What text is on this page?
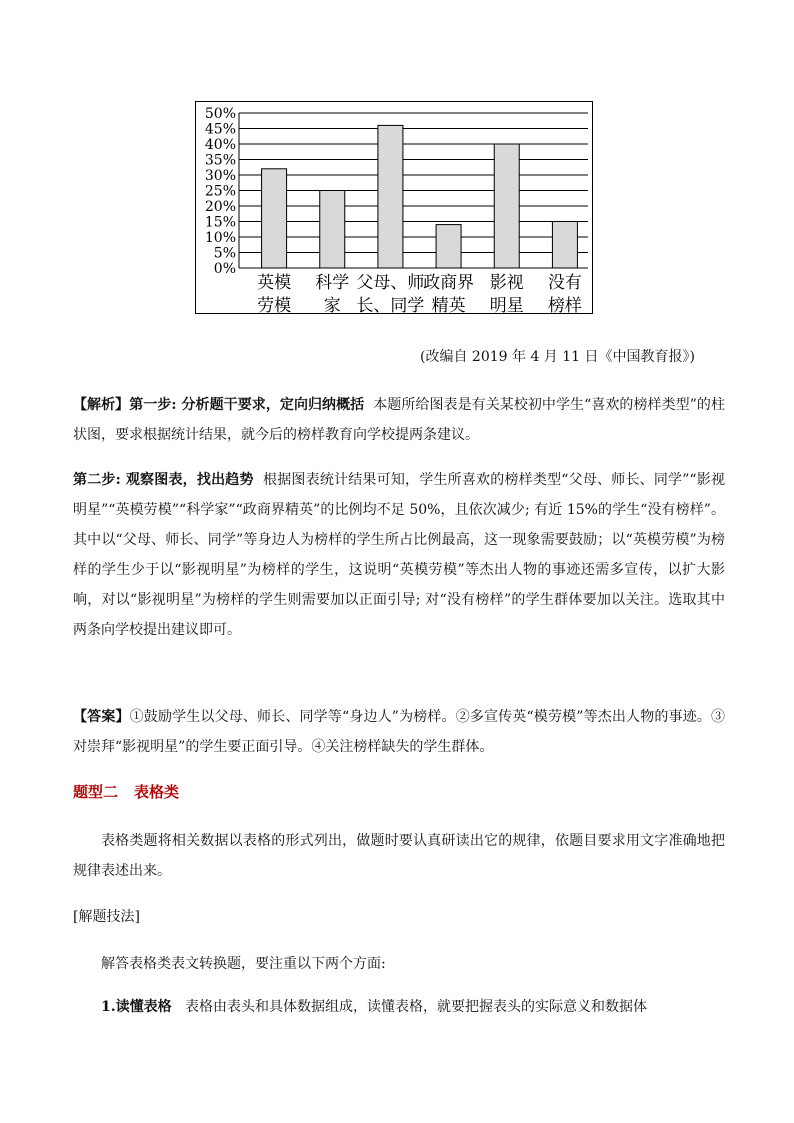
0%
5%
10%
15%
20%
25%
30%
35%
40%
45%
50%
英模
劳模
科学
家
父母、师
长、同学
政商界
精英
影视
明星
没有
榜样
(改编自 2019 年 4 月 11 日《中国教育报》)

【解析】第一步: 分析题干要求，定向归纳概括 本题所给图表是有关某校初中学生“喜欢的榜样类型”的柱状图，要求根据统计结果，就今后的榜样教育向学校提两条建议。

第二步: 观察图表，找出趋势 根据图表统计结果可知，学生所喜欢的榜样类型“父母、师长、同学”“影视明星”“英模劳模”“科学家”“政商界精英”的比例均不足 50%，且依次减少; 有近 15%的学生“没有榜样”。其中以“父母、师长、同学”等身边人为榜样的学生所占比例最高，这一现象需要鼓励；以“英模劳模”为榜样的学生少于以“影视明星”为榜样的学生，这说明“英模劳模”等杰出人物的事迹还需多宣传，以扩大影响，对以“影视明星”为榜样的学生则需要加以正面引导; 对“没有榜样”的学生群体要加以关注。选取其中两条向学校提出建议即可。

【答案】①鼓励学生以父母、师长、同学等“身边人”为榜样。②多宣传英“模劳模”等杰出人物的事迹。③对崇拜“影视明星”的学生要正面引导。④关注榜样缺失的学生群体。

题型二 表格类

表格类题将相关数据以表格的形式列出，做题时要认真研读出它的规律，依题目要求用文字准确地把规律表述出来。

[解题技法]
解答表格类表文转换题，要注重以下两个方面:
1.读懂表格 表格由表头和具体数据组成，读懂表格，就要把握表头的实际意义和数据体
